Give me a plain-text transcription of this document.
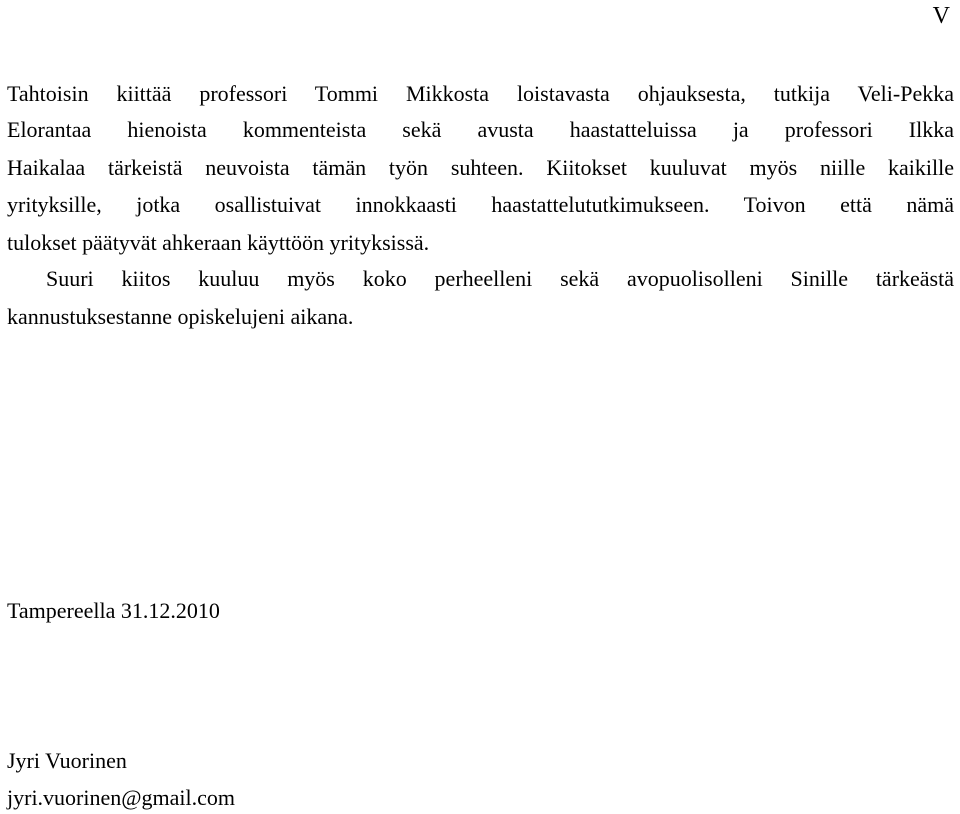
V
Tahtoisin kiittää professori Tommi Mikkosta loistavasta ohjauksesta, tutkija Veli-Pekka
Elorantaa hienoista kommenteista sekä avusta haastatteluissa ja professori Ilkka
Haikalaa tärkeistä neuvoista tämän työn suhteen. Kiitokset kuuluvat myös niille kaikille
yrityksille, jotka osallistuivat innokkaasti haastattelututkimukseen. Toivon että nämä
tulokset päätyvät ahkeraan käyttöön yrityksissä.
Suuri kiitos kuuluu myös koko perheelleni sekä avopuolisolleni Sinille tärkeästä
kannustuksestanne opiskelujeni aikana.
Tampereella 31.12.2010
Jyri Vuorinen
jyri.vuorinen@gmail.com
